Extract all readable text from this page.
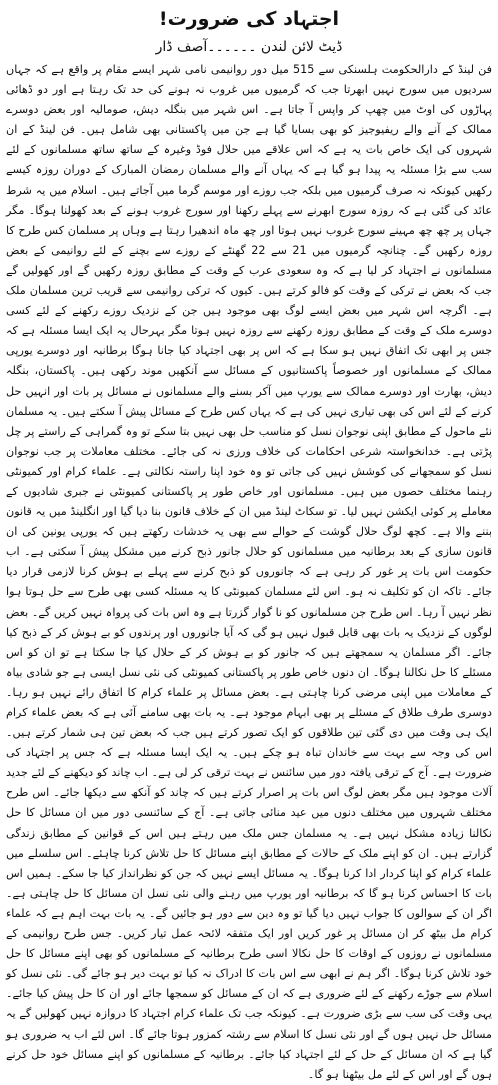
اجتہاد کی ضرورت!
ڈیٹ لائن لندن ۔۔۔۔۔۔آصف ڈار

فن لینڈ کے دارالحکومت ہلسنکی سے 515 میل دور روانیمی نامی شہر ایسے مقام پر واقع ہے کہ جہاں سردیوں میں سورج نہیں ابھرتا جب کہ گرمیوں میں غروب نہ ہونے کی حد تک رہتا ہے اور دو ڈھائی پہاڑوں کی اوٹ میں چھپ کر واپس آ جاتا ہے۔ اس شہر میں بنگلہ دیش، صومالیہ اور بعض دوسرے ممالک کے آنے والے ریفیوجیز کو بھی بسایا گیا ہے جن میں پاکستانی بھی شامل ہیں۔ فن لینڈ کے ان شہروں کی ایک خاص بات یہ ہے کہ اس علاقے میں حلال فوڈ وغیرہ کے ساتھ ساتھ مسلمانوں کے لئے سب سے بڑا مسئلہ یہ پیدا ہو گیا ہے کہ یہاں آنے والے مسلمان رمضان المبارک کے دوران روزہ کیسے رکھیں کیونکہ نہ صرف گرمیوں میں بلکہ جب روزے اور موسم گرما میں آجاتے ہیں۔ اسلام میں یہ شرط عائد کی گئی ہے کہ روزہ سورج ابھرنے سے پہلے رکھنا اور سورج غروب ہونے کے بعد کھولنا ہوگا۔ مگر جہاں پر چھ چھ مہینے سورج غروب نہیں ہوتا اور چھ ماہ اندھیرا رہتا ہے وہاں پر مسلمان کس طرح کا روزہ رکھیں گے۔ چنانچہ گرمیوں میں 21 سے 22 گھنٹے کے روزے سے بچنے کے لئے روانیمی کے بعض مسلمانوں نے اجتہاد کر لیا ہے کہ وہ سعودی عرب کے وقت کے مطابق روزہ رکھیں گے اور کھولیں گے جب کہ بعض نے ترکی کے وقت کو فالو کرتے ہیں۔ کیوں کہ ترکی روانیمی سے قریب ترین مسلمان ملک ہے۔ اگرچہ اس شہر میں بعض ایسے لوگ بھی موجود ہیں جن کے نزدیک روزے رکھنے کے لئے کسی دوسرے ملک کے وقت کے مطابق روزہ رکھنے سے روزہ نہیں ہوتا مگر بہرحال یہ ایک ایسا مسئلہ ہے کہ جس پر ابھی تک اتفاق نہیں ہو سکا ہے کہ اس پر بھی اجتہاد کیا جانا ہوگا برطانیہ اور دوسرے یورپی ممالک کے مسلمانوں اور خصوصاً پاکستانیوں کے مسائل سے آنکھیں موند رکھی ہیں۔ پاکستان، بنگلہ دیش، بھارت اور دوسرے ممالک سے یورپ میں آکر بسنے والے مسلمانوں نے مسائل پر بات اور انہیں حل کرنے کے لئے اس کی بھی تیاری نہیں کی ہے کہ یہاں کس طرح کے مسائل پیش آ سکتے ہیں۔ یہ مسلمان نئے ماحول کے مطابق اپنی نوجوان نسل کو مناسب حل بھی نہیں بتا سکے تو وہ گمراہی کے راستے پر چل پڑتی ہے۔ خدانخواستہ شرعی احکامات کی خلاف ورزی نہ کی جائے۔ مختلف معاملات پر جب نوجوان نسل کو سمجھانے کی کوشش نہیں کی جاتی تو وہ خود اپنا راستہ نکالتی ہے۔ علماء کرام اور کمیونٹی رہنما مختلف حصوں میں ہیں۔ مسلمانوں اور خاص طور پر پاکستانی کمیونٹی نے جبری شادیوں کے معاملے پر کوئی ایکشن نہیں لیا۔ تو سکاٹ لینڈ میں ان کے خلاف قانون بنا دیا گیا اور انگلینڈ میں یہ قانون بننے والا ہے۔ کچھ لوگ حلال گوشت کے حوالے سے بھی یہ خدشات رکھتے ہیں کہ یورپی یونین کی ان قانون سازی کے بعد برطانیہ میں مسلمانوں کو حلال جانور ذبح کرنے میں مشکل پیش آ سکتی ہے۔ اب حکومت اس بات پر غور کر رہی ہے کہ جانوروں کو ذبح کرنے سے پہلے بے ہوش کرنا لازمی قرار دیا جائے۔ تاکہ ان کو تکلیف نہ ہو۔ اس لئے مسلمان کمیونٹی کا یہ مسئلہ کسی بھی طرح سے حل ہوتا ہوا نظر نہیں آ رہا۔ اس طرح جن مسلمانوں کو نا گوار گزرتا ہے وہ اس بات کی پرواہ نہیں کریں گے۔ بعض لوگوں کے نزدیک یہ بات بھی قابل قبول نہیں ہو گی کہ آیا جانوروں اور پرندوں کو بے ہوش کر کے ذبح کیا جائے۔ اگر مسلمان یہ سمجھتے ہیں کہ جانور کو بے ہوش کر کے حلال کیا جا سکتا ہے تو ان کو اس مسئلے کا حل نکالنا ہوگا۔ ان دنوں خاص طور پر پاکستانی کمیونٹی کی نئی نسل ایسی ہے جو شادی بیاہ کے معاملات میں اپنی مرضی کرنا چاہتی ہے۔ بعض مسائل پر علماء کرام کا اتفاق رائے نہیں ہو رہا۔ دوسری طرف طلاق کے مسئلے پر بھی ابہام موجود ہے۔ یہ بات بھی سامنے آئی ہے کہ بعض علماء کرام ایک ہی وقت میں دی گئی تین طلاقوں کو ایک تصور کرتے ہیں جب کہ بعض تین ہی شمار کرتے ہیں۔ اس کی وجہ سے بہت سے خاندان تباہ ہو چکے ہیں۔ یہ ایک ایسا مسئلہ ہے کہ جس پر اجتہاد کی ضرورت ہے۔ آج کے ترقی یافتہ دور میں سائنس نے بہت ترقی کر لی ہے۔ اب چاند کو دیکھنے کے لئے جدید آلات موجود ہیں مگر بعض لوگ اس بات پر اصرار کرتے ہیں کہ چاند کو آنکھ سے دیکھا جائے۔ اس طرح مختلف شہروں میں مختلف دنوں میں عید منائی جاتی ہے۔ آج کے سائنسی دور میں ان مسائل کا حل نکالنا زیادہ مشکل نہیں ہے۔ یہ مسلمان جس ملک میں رہتے ہیں اس کے قوانین کے مطابق زندگی گزارتے ہیں۔ ان کو اپنے ملک کے حالات کے مطابق اپنے مسائل کا حل تلاش کرنا چاہئے۔ اس سلسلے میں علماء کرام کو اپنا کردار ادا کرنا ہوگا۔ یہ مسائل ایسے نہیں کہ جن کو نظرانداز کیا جا سکے۔ ہمیں اس بات کا احساس کرنا ہو گا کہ برطانیہ اور یورپ میں رہنے والی نئی نسل ان مسائل کا حل چاہتی ہے۔ اگر ان کے سوالوں کا جواب نہیں دیا گیا تو وہ دین سے دور ہو جائیں گے۔ یہ بات بہت اہم ہے کہ علماء کرام مل بیٹھ کر ان مسائل پر غور کریں اور ایک متفقہ لائحہ عمل تیار کریں۔ جس طرح روانیمی کے مسلمانوں نے روزوں کے اوقات کا حل نکالا اسی طرح برطانیہ کے مسلمانوں کو بھی اپنے مسائل کا حل خود تلاش کرنا ہوگا۔ اگر ہم نے ابھی سے اس بات کا ادراک نہ کیا تو بہت دیر ہو جائے گی۔ نئی نسل کو اسلام سے جوڑے رکھنے کے لئے ضروری ہے کہ ان کے مسائل کو سمجھا جائے اور ان کا حل پیش کیا جائے۔ یہی وقت کی سب سے بڑی ضرورت ہے۔ کیونکہ جب تک علماء کرام اجتہاد کا دروازہ نہیں کھولیں گے یہ مسائل حل نہیں ہوں گے اور نئی نسل کا اسلام سے رشتہ کمزور ہوتا جائے گا۔ اس لئے اب یہ ضروری ہو گیا ہے کہ ان مسائل کے حل کے لئے اجتہاد کیا جائے۔ برطانیہ کے مسلمانوں کو اپنے مسائل خود حل کرنے ہوں گے اور اس کے لئے مل بیٹھنا ہو گا۔
